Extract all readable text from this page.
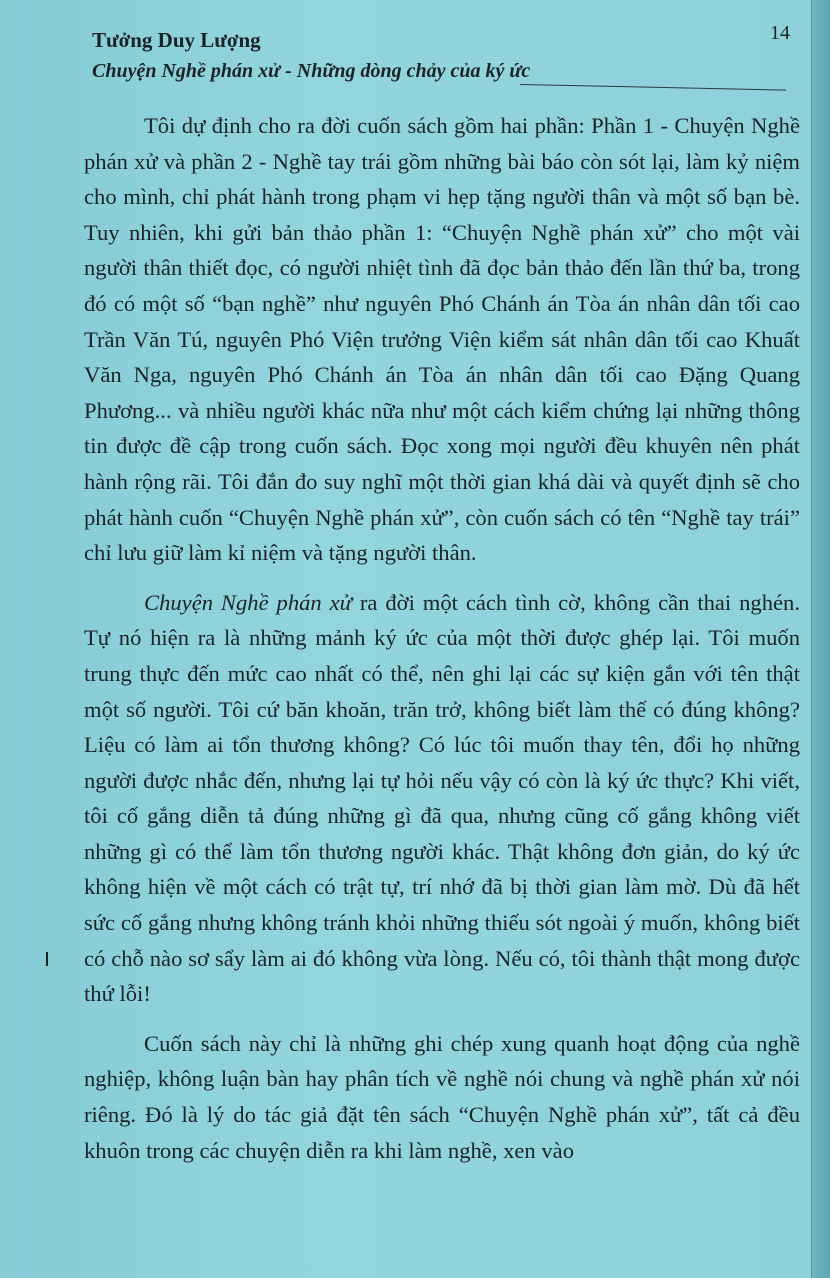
Tưởng Duy Lượng
Chuyện Nghề phán xử - Những dòng chảy của ký ức
14

Tôi dự định cho ra đời cuốn sách gồm hai phần: Phần 1 - Chuyện Nghề phán xử và phần 2 - Nghề tay trái gồm những bài báo còn sót lại, làm kỷ niệm cho mình, chỉ phát hành trong phạm vi hẹp tặng người thân và một số bạn bè. Tuy nhiên, khi gửi bản thảo phần 1: “Chuyện Nghề phán xử” cho một vài người thân thiết đọc, có người nhiệt tình đã đọc bản thảo đến lần thứ ba, trong đó có một số “bạn nghề” như nguyên Phó Chánh án Tòa án nhân dân tối cao Trần Văn Tú, nguyên Phó Viện trưởng Viện kiểm sát nhân dân tối cao Khuất Văn Nga, nguyên Phó Chánh án Tòa án nhân dân tối cao Đặng Quang Phương... và nhiều người khác nữa như một cách kiểm chứng lại những thông tin được đề cập trong cuốn sách. Đọc xong mọi người đều khuyên nên phát hành rộng rãi. Tôi đắn đo suy nghĩ một thời gian khá dài và quyết định sẽ cho phát hành cuốn “Chuyện Nghề phán xử”, còn cuốn sách có tên “Nghề tay trái” chỉ lưu giữ làm kỉ niệm và tặng người thân.

Chuyện Nghề phán xử ra đời một cách tình cờ, không cần thai nghén. Tự nó hiện ra là những mảnh ký ức của một thời được ghép lại. Tôi muốn trung thực đến mức cao nhất có thể, nên ghi lại các sự kiện gắn với tên thật một số người. Tôi cứ băn khoăn, trăn trở, không biết làm thế có đúng không? Liệu có làm ai tổn thương không? Có lúc tôi muốn thay tên, đổi họ những người được nhắc đến, nhưng lại tự hỏi nếu vậy có còn là ký ức thực? Khi viết, tôi cố gắng diễn tả đúng những gì đã qua, nhưng cũng cố gắng không viết những gì có thể làm tổn thương người khác. Thật không đơn giản, do ký ức không hiện về một cách có trật tự, trí nhớ đã bị thời gian làm mờ. Dù đã hết sức cố gắng nhưng không tránh khỏi những thiếu sót ngoài ý muốn, không biết có chỗ nào sơ sẩy làm ai đó không vừa lòng. Nếu có, tôi thành thật mong được thứ lỗi!

Cuốn sách này chỉ là những ghi chép xung quanh hoạt động của nghề nghiệp, không luận bàn hay phân tích về nghề nói chung và nghề phán xử nói riêng. Đó là lý do tác giả đặt tên sách “Chuyện Nghề phán xử”, tất cả đều khuôn trong các chuyện diễn ra khi làm nghề, xen vào
